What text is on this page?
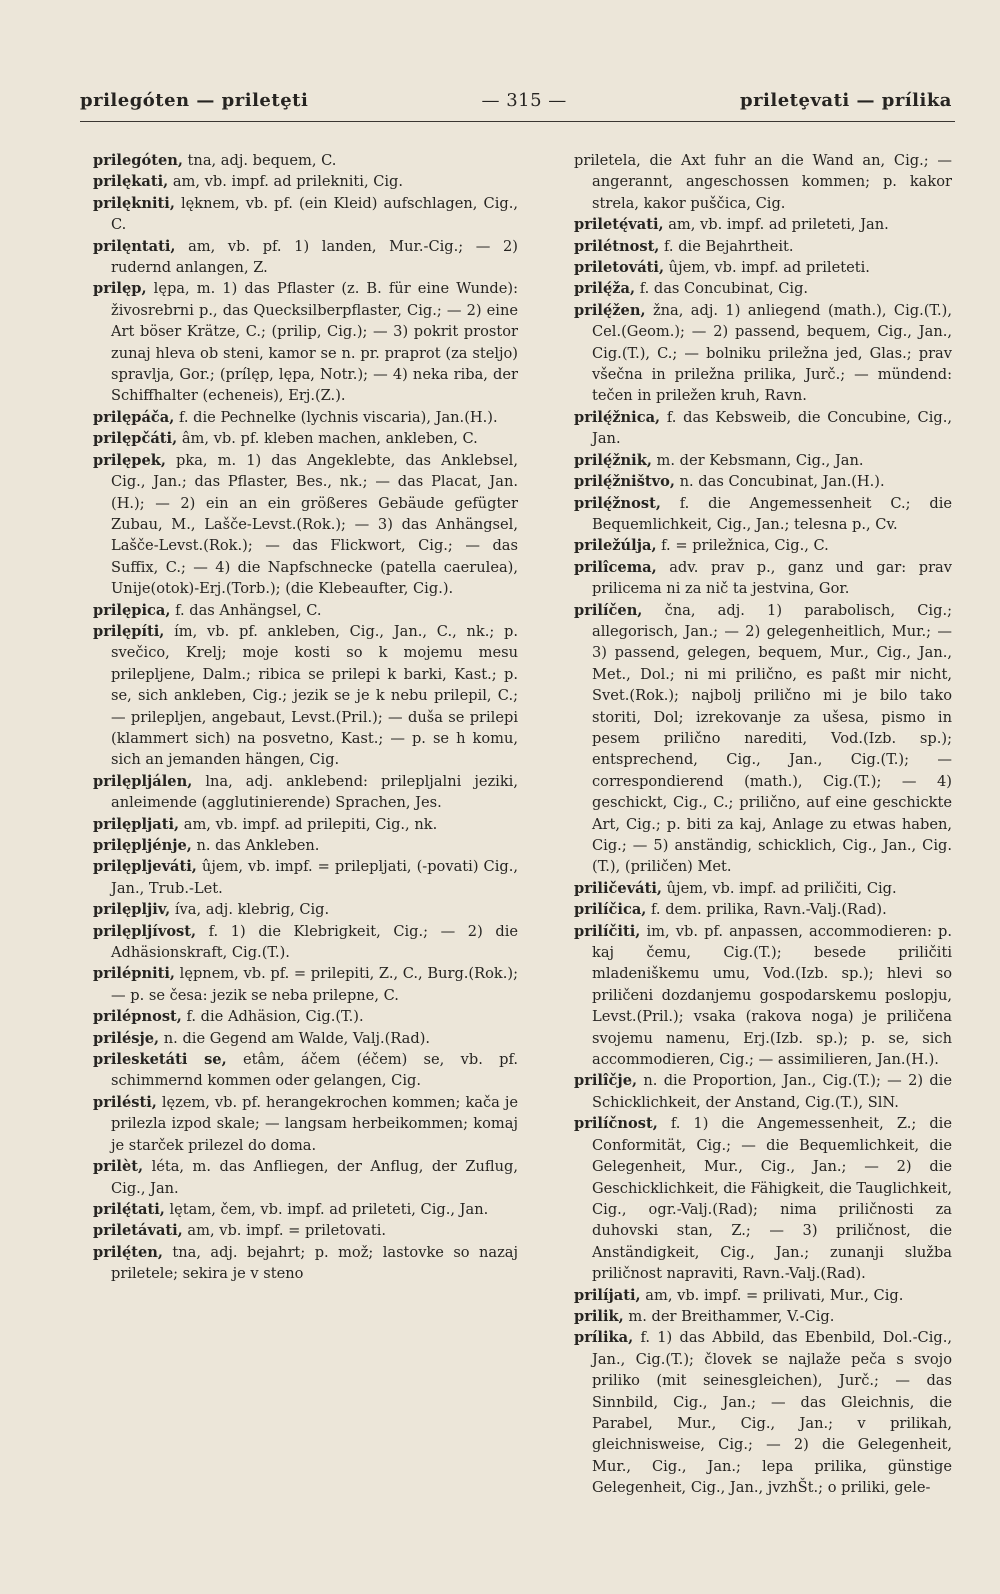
prilegóten — priletȩti	— 315 —	priletȩvati — prílika

prilegóten, tna, adj. bequem, C.

prilękati, am, vb. impf. ad prilekniti, Cig.

prilękniti, lęknem, vb. pf. (ein Kleid) aufschlagen, Cig., C.

prilęntati, am, vb. pf. 1) landen, Mur.-Cig.; — 2) rudernd anlangen, Z.

prilęp, lępa, m. 1) das Pflaster (z. B. für eine Wunde): živosrebrni p., das Quecksilberpflaster, Cig.; — 2) eine Art böser Krätze, C.; (prilip, Cig.); — 3) pokrit prostor zunaj hleva ob steni, kamor se n. pr. praprot (za steljo) spravlja, Gor.; (prílęp, lępa, Notr.); — 4) neka riba, der Schiffhalter (echeneis), Erj.(Z.).

prilępáča, f. die Pechnelke (lychnis viscaria), Jan.(H.).

prilępčáti, âm, vb. pf. kleben machen, ankleben, C.

prilępek, pka, m. 1) das Angeklebte, das Anklebsel, Cig., Jan.; das Pflaster, Bes., nk.; — das Placat, Jan.(H.); — 2) ein an ein größeres Gebäude gefügter Zubau, M., Lašče-Levst.(Rok.); — 3) das Anhängsel, Lašče-Levst.(Rok.); — das Flickwort, Cig.; — das Suffix, C.; — 4) die Napfschnecke (patella caerulea), Unije(otok)-Erj.(Torb.); (die Klebeaufter, Cig.).

prilępica, f. das Anhängsel, C.

prilępíti, ím, vb. pf. ankleben, Cig., Jan., C., nk.; p. svečico, Krelj; moje kosti so k mojemu mesu prilepljene, Dalm.; ribica se prilepi k barki, Kast.; p. se, sich ankleben, Cig.; jezik se je k nebu prilepil, C.; — prilepljen, angebaut, Levst.(Pril.); — duša se prilepi (klammert sich) na posvetno, Kast.; — p. se h komu, sich an jemanden hängen, Cig.

prilępljálen, lna, adj. anklebend: prilepljalni jeziki, anleimende (agglutinierende) Sprachen, Jes.

prilępljati, am, vb. impf. ad prilepiti, Cig., nk.

prilępljénje, n. das Ankleben.

prilępljeváti, ûjem, vb. impf. = prilepljati, (-povati) Cig., Jan., Trub.-Let.

prilępljiv, íva, adj. klebrig, Cig.

prilępljívost, f. 1) die Klebrigkeit, Cig.; — 2) die Adhäsionskraft, Cig.(T.).

prilépniti, lępnem, vb. pf. = prilepiti, Z., C., Burg.(Rok.); — p. se česa: jezik se neba prilepne, C.

prilépnost, f. die Adhäsion, Cig.(T.).

prilésje, n. die Gegend am Walde, Valj.(Rad).

prilesketáti se, etâm, áčem (éčem) se, vb. pf. schimmernd kommen oder gelangen, Cig.

prilésti, lęzem, vb. pf. herangekrochen kommen; kača je prilezla izpod skale; — langsam herbeikommen; komaj je starček prilezel do doma.

prilèt, léta, m. das Anfliegen, der Anflug, der Zuflug, Cig., Jan.

prilę́tati, lętam, čem, vb. impf. ad prileteti, Cig., Jan.

priletávati, am, vb. impf. = priletovati.

prilę́ten, tna, adj. bejahrt; p. mož; lastovke so nazaj priletele; sekira je v steno

priletela, die Axt fuhr an die Wand an, Cig.; — angerannt, angeschossen kommen; p. kakor strela, kakor puščica, Cig.

priletę́vati, am, vb. impf. ad prileteti, Jan.

prilétnost, f. die Bejahrtheit.

priletováti, ûjem, vb. impf. ad prileteti.

prilę́ža, f. das Concubinat, Cig.

prilę́žen, žna, adj. 1) anliegend (math.), Cig.(T.), Cel.(Geom.); — 2) passend, bequem, Cig., Jan., Cig.(T.), C.; — bolniku priležna jed, Glas.; prav všečna in priležna prilika, Jurč.; — mündend: tečen in priležen kruh, Ravn.

prilę́žnica, f. das Kebsweib, die Concubine, Cig., Jan.

prilę́žnik, m. der Kebsmann, Cig., Jan.

prilę́žništvo, n. das Concubinat, Jan.(H.).

prilę́žnost, f. die Angemessenheit C.; die Bequemlichkeit, Cig., Jan.; telesna p., Cv.

priležúlja, f. = priležnica, Cig., C.

prilîcema, adv. prav p., ganz und gar: prav prilicema ni za nič ta jestvina, Gor.

prilíčen, čna, adj. 1) parabolisch, Cig.; allegorisch, Jan.; — 2) gelegenheitlich, Mur.; — 3) passend, gelegen, bequem, Mur., Cig., Jan., Met., Dol.; ni mi prilično, es paßt mir nicht, Svet.(Rok.); najbolj prilično mi je bilo tako storiti, Dol; izrekovanje za ušesa, pismo in pesem prilično narediti, Vod.(Izb. sp.); entsprechend, Cig., Jan., Cig.(T.); — correspondierend (math.), Cig.(T.); — 4) geschickt, Cig., C.; prilično, auf eine geschickte Art, Cig.; p. biti za kaj, Anlage zu etwas haben, Cig.; — 5) anständig, schicklich, Cig., Jan., Cig.(T.), (priličen) Met.

priličeváti, ûjem, vb. impf. ad priličiti, Cig.

prilíčica, f. dem. prilika, Ravn.-Valj.(Rad).

prilíčiti, im, vb. pf. anpassen, accommodieren: p. kaj čemu, Cig.(T.); besede priličiti mladeniškemu umu, Vod.(Izb. sp.); hlevi so priličeni dozdanjemu gospodarskemu poslopju, Levst.(Pril.); vsaka (rakova noga) je priličena svojemu namenu, Erj.(Izb. sp.); p. se, sich accommodieren, Cig.; — assimilieren, Jan.(H.).

prilîčje, n. die Proportion, Jan., Cig.(T.); — 2) die Schicklichkeit, der Anstand, Cig.(T.), SlN.

prilíčnost, f. 1) die Angemessenheit, Z.; die Conformität, Cig.; — die Bequemlichkeit, die Gelegenheit, Mur., Cig., Jan.; — 2) die Geschicklichkeit, die Fähigkeit, die Tauglichkeit, Cig., ogr.-Valj.(Rad); nima priličnosti za duhovski stan, Z.; — 3) priličnost, die Anständigkeit, Cig., Jan.; zunanji služba priličnost napraviti, Ravn.-Valj.(Rad).

prilíjati, am, vb. impf. = prilivati, Mur., Cig.

prilik, m. der Breithammer, V.-Cig.

prílika, f. 1) das Abbild, das Ebenbild, Dol.-Cig., Jan., Cig.(T.); človek se najlaže peča s svojo priliko (mit seinesgleichen), Jurč.; — das Sinnbild, Cig., Jan.; — das Gleichnis, die Parabel, Mur., Cig., Jan.; v prilikah, gleichnisweise, Cig.; — 2) die Gelegenheit, Mur., Cig., Jan.; lepa prilika, günstige Gelegenheit, Cig., Jan., jvzhŠt.; o priliki, gele-
